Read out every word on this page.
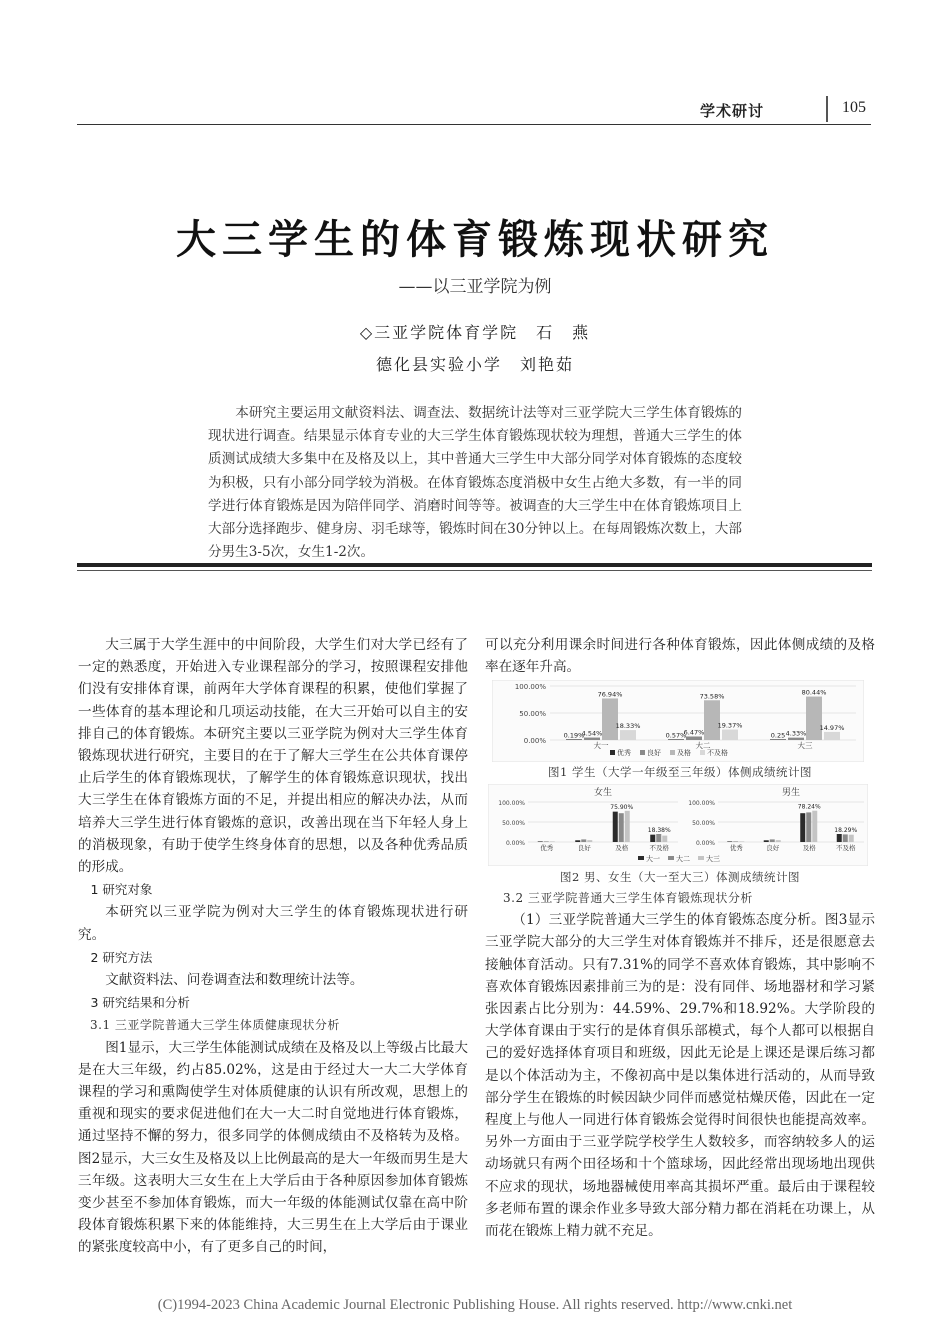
学术研讨	105
大三学生的体育锻炼现状研究
——以三亚学院为例
◇三亚学院体育学院　石　燕
德化县实验小学　刘艳茹

本研究主要运用文献资料法、调查法、数据统计法等对三亚学院大三学生体育锻炼的现状进行调查。结果显示体育专业的大三学生体育锻炼现状较为理想，普通大三学生的体质测试成绩大多集中在及格及以上，其中普通大三学生中大部分同学对体育锻炼的态度较为积极，只有小部分同学较为消极。在体育锻炼态度消极中女生占绝大多数，有一半的同学进行体育锻炼是因为陪伴同学、消磨时间等等。被调查的大三学生中在体育锻炼项目上大部分选择跑步、健身房、羽毛球等，锻炼时间在30分钟以上。在每周锻炼次数上，大部分男生3-5次，女生1-2次。

大三属于大学生涯中的中间阶段，大学生们对大学已经有了一定的熟悉度，开始进入专业课程部分的学习，按照课程安排他们没有安排体育课，前两年大学体育课程的积累，使他们掌握了一些体育的基本理论和几项运动技能，在大三开始可以自主的安排自己的体育锻炼。本研究主要以三亚学院为例对大三学生体育锻炼现状进行研究，主要目的在于了解大三学生在公共体育课停止后学生的体育锻炼现状，了解学生的体育锻炼意识现状，找出大三学生在体育锻炼方面的不足，并提出相应的解决办法，从而培养大三学生进行体育锻炼的意识，改善出现在当下年轻人身上的消极现象，有助于使学生终身体育的思想，以及各种优秀品质的形成。

1 研究对象

本研究以三亚学院为例对大三学生的体育锻炼现状进行研究。

2 研究方法

文献资料法、问卷调查法和数理统计法等。

3 研究结果和分析

3.1 三亚学院普通大三学生体质健康现状分析

图1显示，大三学生体能测试成绩在及格及以上等级占比最大是在大三年级，约占85.02%，这是由于经过大一大二大学体育课程的学习和熏陶使学生对体质健康的认识有所改观，思想上的重视和现实的要求促进他们在大一大二时自觉地进行体育锻炼，通过坚持不懈的努力，很多同学的体侧成绩由不及格转为及格。图2显示，大三女生及格及以上比例最高的是大一年级而男生是大三年级。这表明大三女生在上大学后由于各种原因参加体育锻炼变少甚至不参加体育锻炼，而大一年级的体能测试仅靠在高中阶段体育锻炼积累下来的体能维持，大三男生在上大学后由于课业的紧张度较高中小，有了更多自己的时间，

可以充分利用课余时间进行各种体育锻炼，因此体侧成绩的及格率在逐年升高。

100.00%
50.00%
0.00%
0.19%
4.54%
76.94%
18.33%
大一
0.57%
6.47%
73.58%
19.37%
大二
0.25 4.33%
80.44%
14.97%
大三
优秀 良好 及格 不及格
图1 学生（大学一年级至三年级）体侧成绩统计图
女生
100.00%
50.00%
0.00%
优秀	良好
75.90%
及格
18.38%
不及格
男生
100.00%
50.00%
0.00%
优秀	良好
78.24%
及格
18.29%
不及格
大一 大二 大三
图2 男、女生（大一至大三）体测成绩统计图

3.2 三亚学院普通大三学生体育锻炼现状分析

（1）三亚学院普通大三学生的体育锻炼态度分析。图3显示三亚学院大部分的大三学生对体育锻炼并不排斥，还是很愿意去接触体育活动。只有7.31%的同学不喜欢体育锻炼，其中影响不喜欢体育锻炼因素排前三为的是：没有同伴、场地器材和学习紧张因素占比分别为：44.59%、29.7%和18.92%。大学阶段的大学体育课由于实行的是体育俱乐部模式，每个人都可以根据自己的爱好选择体育项目和班级，因此无论是上课还是课后练习都是以个体活动为主，不像初高中是以集体进行活动的，从而导致部分学生在锻炼的时候因缺少同伴而感觉枯燥厌倦，因此在一定程度上与他人一同进行体育锻炼会觉得时间很快也能提高效率。另外一方面由于三亚学院学校学生人数较多，而容纳较多人的运动场就只有两个田径场和十个篮球场，因此经常出现场地出现供不应求的现状，场地器械使用率高其损坏严重。最后由于课程较多老师布置的课余作业多导致大部分精力都在消耗在功课上，从而花在锻炼上精力就不充足。

(C)1994-2023 China Academic Journal Electronic Publishing House. All rights reserved. http://www.cnki.net
